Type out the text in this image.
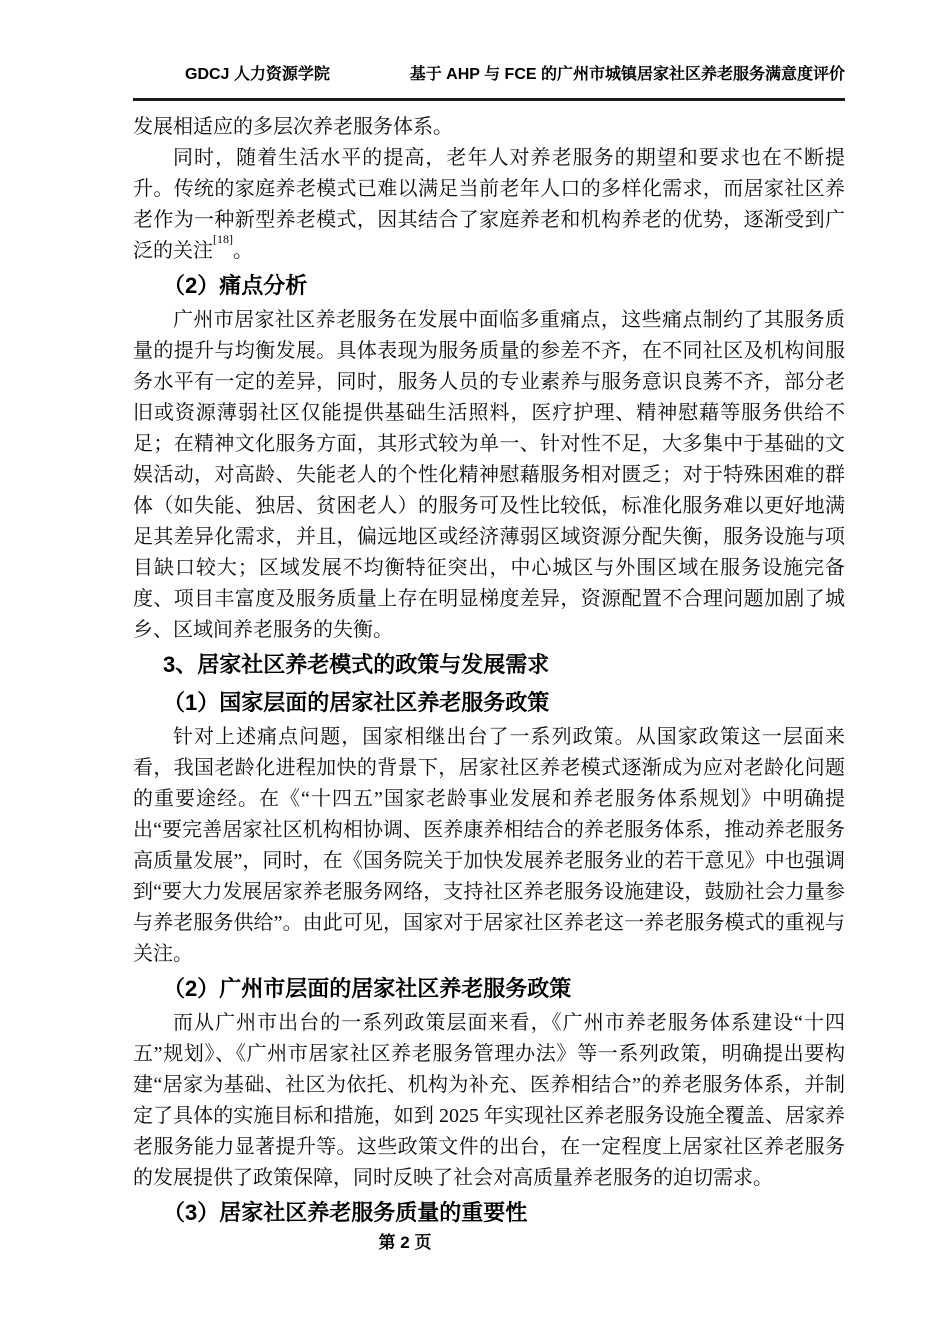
GDCJ 人力资源学院	基于 AHP 与 FCE 的广州市城镇居家社区养老服务满意度评价

发展相适应的多层次养老服务体系。

同时，随着生活水平的提高，老年人对养老服务的期望和要求也在不断提升。传统的家庭养老模式已难以满足当前老年人口的多样化需求，而居家社区养老作为一种新型养老模式，因其结合了家庭养老和机构养老的优势，逐渐受到广泛的关注[18]。

（2）痛点分析

广州市居家社区养老服务在发展中面临多重痛点，这些痛点制约了其服务质量的提升与均衡发展。具体表现为服务质量的参差不齐，在不同社区及机构间服务水平有一定的差异，同时，服务人员的专业素养与服务意识良莠不齐，部分老旧或资源薄弱社区仅能提供基础生活照料，医疗护理、精神慰藉等服务供给不足；在精神文化服务方面，其形式较为单一、针对性不足，大多集中于基础的文娱活动，对高龄、失能老人的个性化精神慰藉服务相对匮乏；对于特殊困难的群体（如失能、独居、贫困老人）的服务可及性比较低，标准化服务难以更好地满足其差异化需求，并且，偏远地区或经济薄弱区域资源分配失衡，服务设施与项目缺口较大；区域发展不均衡特征突出，中心城区与外围区域在服务设施完备度、项目丰富度及服务质量上存在明显梯度差异，资源配置不合理问题加剧了城乡、区域间养老服务的失衡。

3、居家社区养老模式的政策与发展需求
（1）国家层面的居家社区养老服务政策

针对上述痛点问题，国家相继出台了一系列政策。从国家政策这一层面来看，我国老龄化进程加快的背景下，居家社区养老模式逐渐成为应对老龄化问题的重要途经。在《“十四五”国家老龄事业发展和养老服务体系规划》中明确提出“要完善居家社区机构相协调、医养康养相结合的养老服务体系，推动养老服务高质量发展”，同时，在《国务院关于加快发展养老服务业的若干意见》中也强调到“要大力发展居家养老服务网络，支持社区养老服务设施建设，鼓励社会力量参与养老服务供给”。由此可见，国家对于居家社区养老这一养老服务模式的重视与关注。

（2）广州市层面的居家社区养老服务政策

而从广州市出台的一系列政策层面来看，《广州市养老服务体系建设“十四五”规划》、《广州市居家社区养老服务管理办法》等一系列政策，明确提出要构建“居家为基础、社区为依托、机构为补充、医养相结合”的养老服务体系，并制定了具体的实施目标和措施，如到 2025 年实现社区养老服务设施全覆盖、居家养老服务能力显著提升等。这些政策文件的出台，在一定程度上居家社区养老服务的发展提供了政策保障，同时反映了社会对高质量养老服务的迫切需求。

（3）居家社区养老服务质量的重要性
第 2 页
